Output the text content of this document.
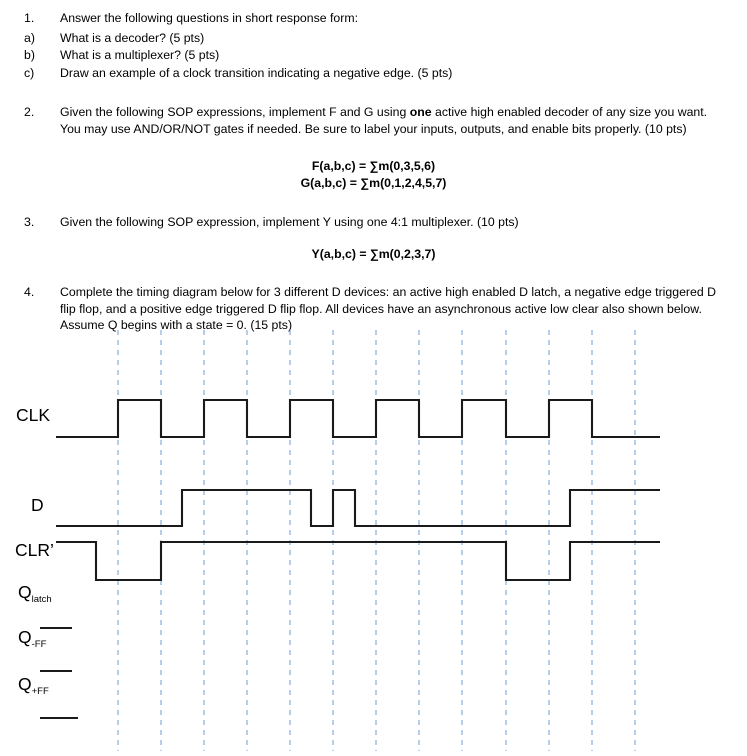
1.	Answer the following questions in short response form:
a)	What is a decoder? (5 pts)
b)	What is a multiplexer? (5 pts)
c)	Draw an example of a clock transition indicating a negative edge. (5 pts)
2.	Given the following SOP expressions, implement F and G using one active high enabled decoder of any size you want. You may use AND/OR/NOT gates if needed. Be sure to label your inputs, outputs, and enable bits properly. (10 pts)
F(a,b,c) = ∑m(0,3,5,6)
G(a,b,c) = ∑m(0,1,2,4,5,7)
3.	Given the following SOP expression, implement Y using one 4:1 multiplexer. (10 pts)
Y(a,b,c) = ∑m(0,2,3,7)
4.	Complete the timing diagram below for 3 different D devices: an active high enabled D latch, a negative edge triggered D flip flop, and a positive edge triggered D flip flop. All devices have an asynchronous active low clear also shown below. Assume Q begins with a state = 0. (15 pts)
CLK
D
CLR’
$Q_{latch}$
$Q_{-FF}$
$Q_{+FF}$
